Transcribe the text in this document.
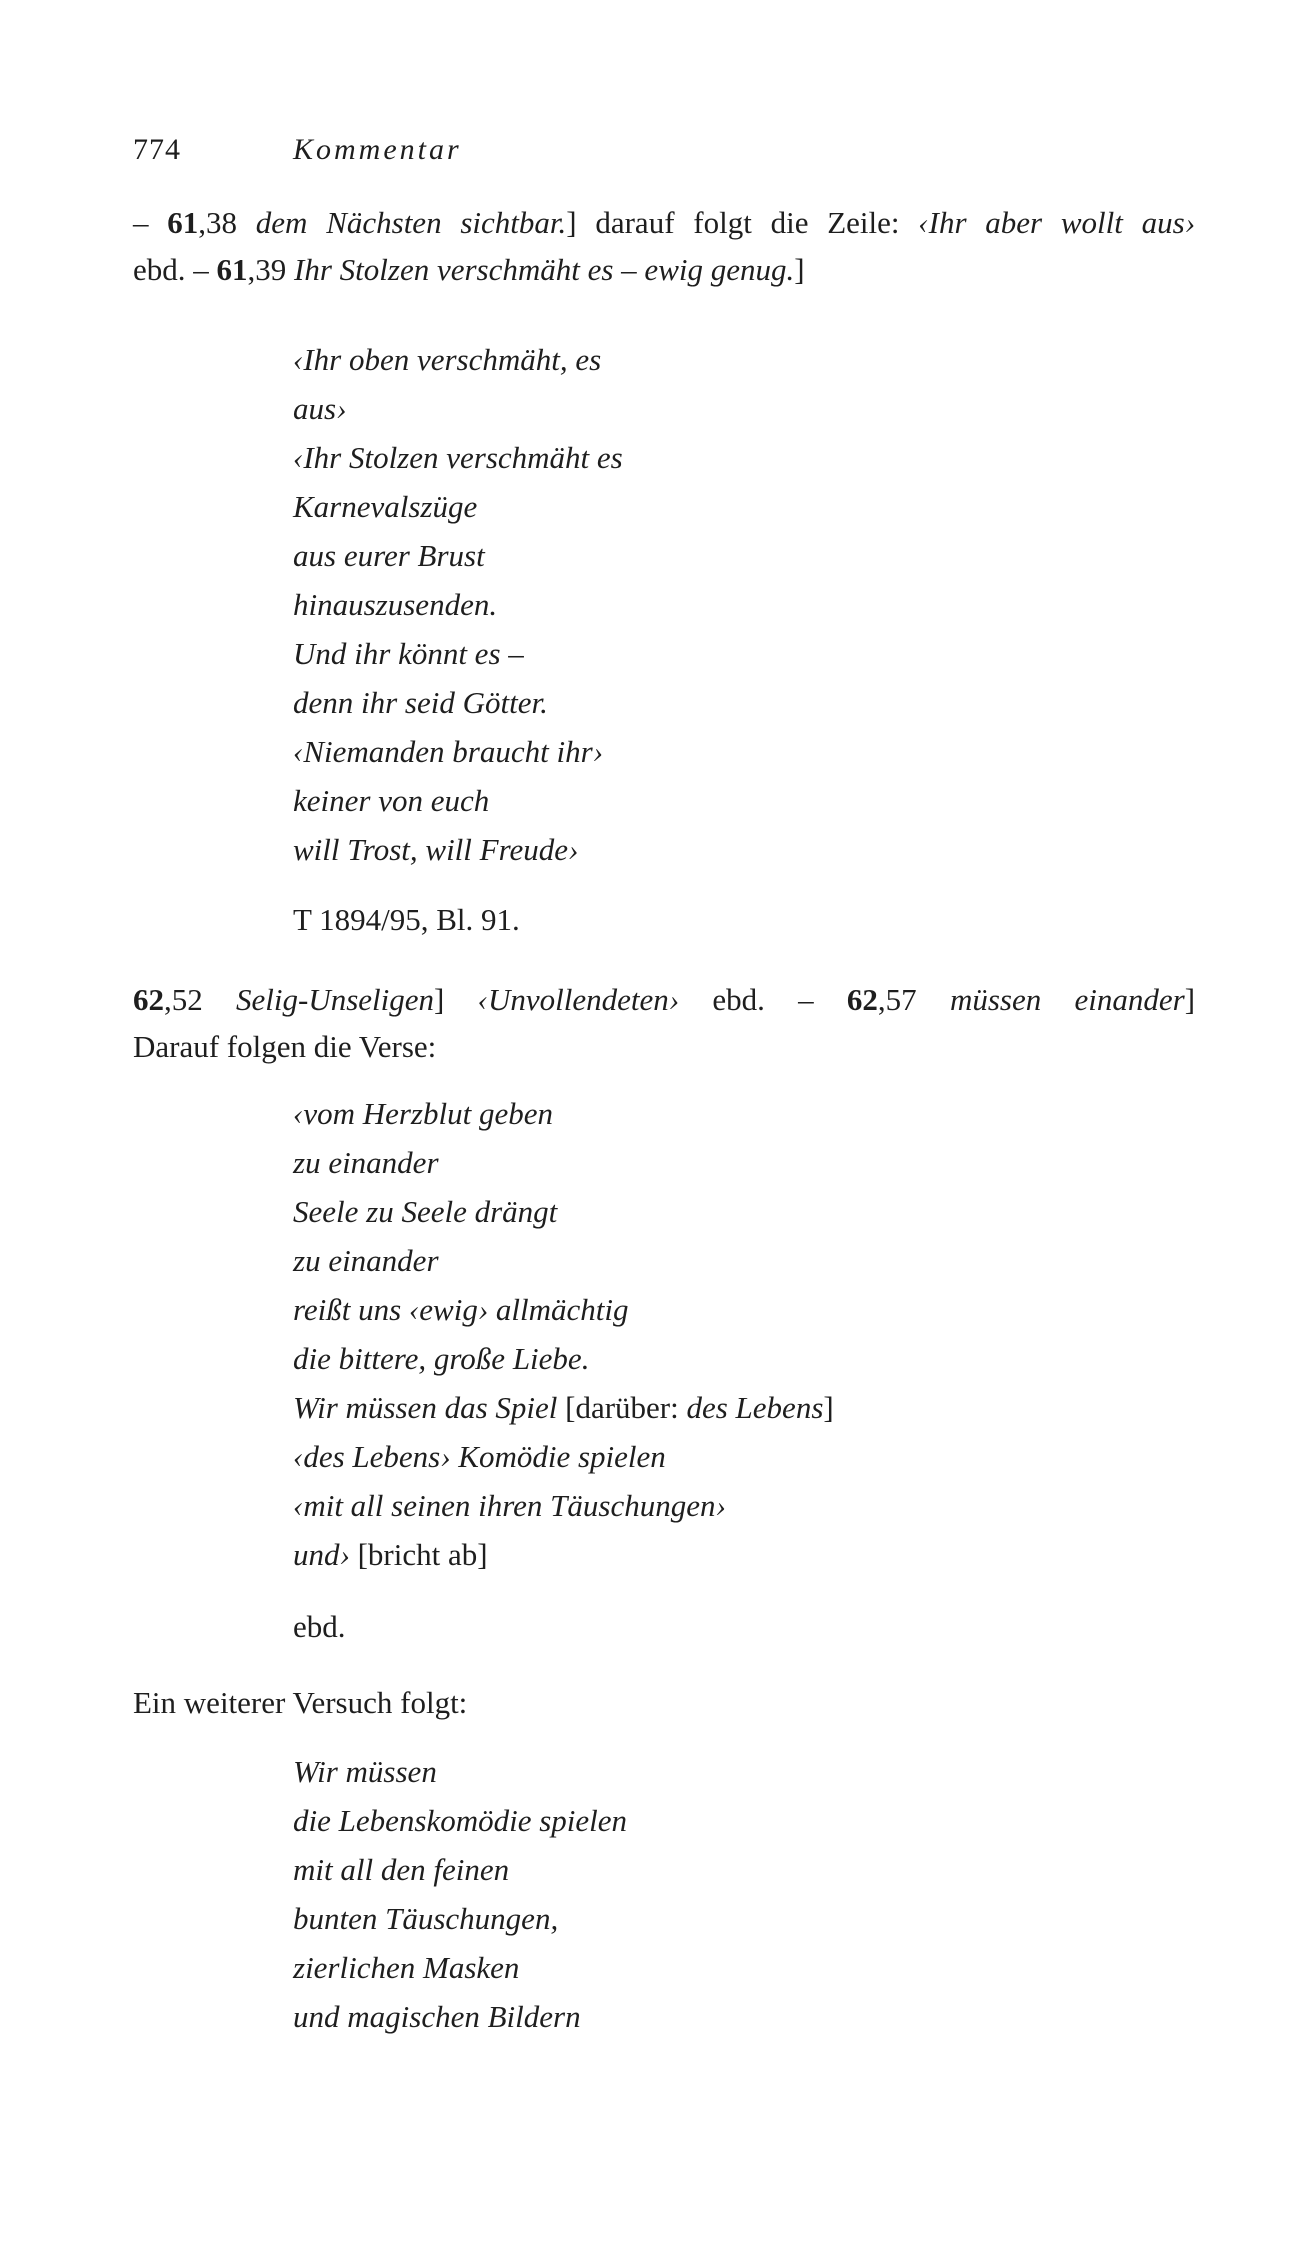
774	Kommentar
– 61,38 dem Nächsten sichtbar.] darauf folgt die Zeile: ‹Ihr aber wollt aus›
ebd. – 61,39 Ihr Stolzen verschmäht es – ewig genug.]
‹Ihr oben verschmäht, es
aus›
‹Ihr Stolzen verschmäht es
Karnevalszüge
aus eurer Brust
hinauszusenden.
Und ihr könnt es –
denn ihr seid Götter.
‹Niemanden braucht ihr›
keiner von euch
will Trost, will Freude›
T 1894/95, Bl. 91.
62,52 Selig-Unseligen] ‹Unvollendeten› ebd. – 62,57 müssen einander]
Darauf folgen die Verse:
‹vom Herzblut geben
zu einander
Seele zu Seele drängt
zu einander
reißt uns ‹ewig› allmächtig
die bittere, große Liebe.
Wir müssen das Spiel [darüber: des Lebens]
‹des Lebens› Komödie spielen
‹mit all seinen ihren Täuschungen›
und› [bricht ab]
ebd.
Ein weiterer Versuch folgt:
Wir müssen
die Lebenskomödie spielen
mit all den feinen
bunten Täuschungen,
zierlichen Masken
und magischen Bildern
